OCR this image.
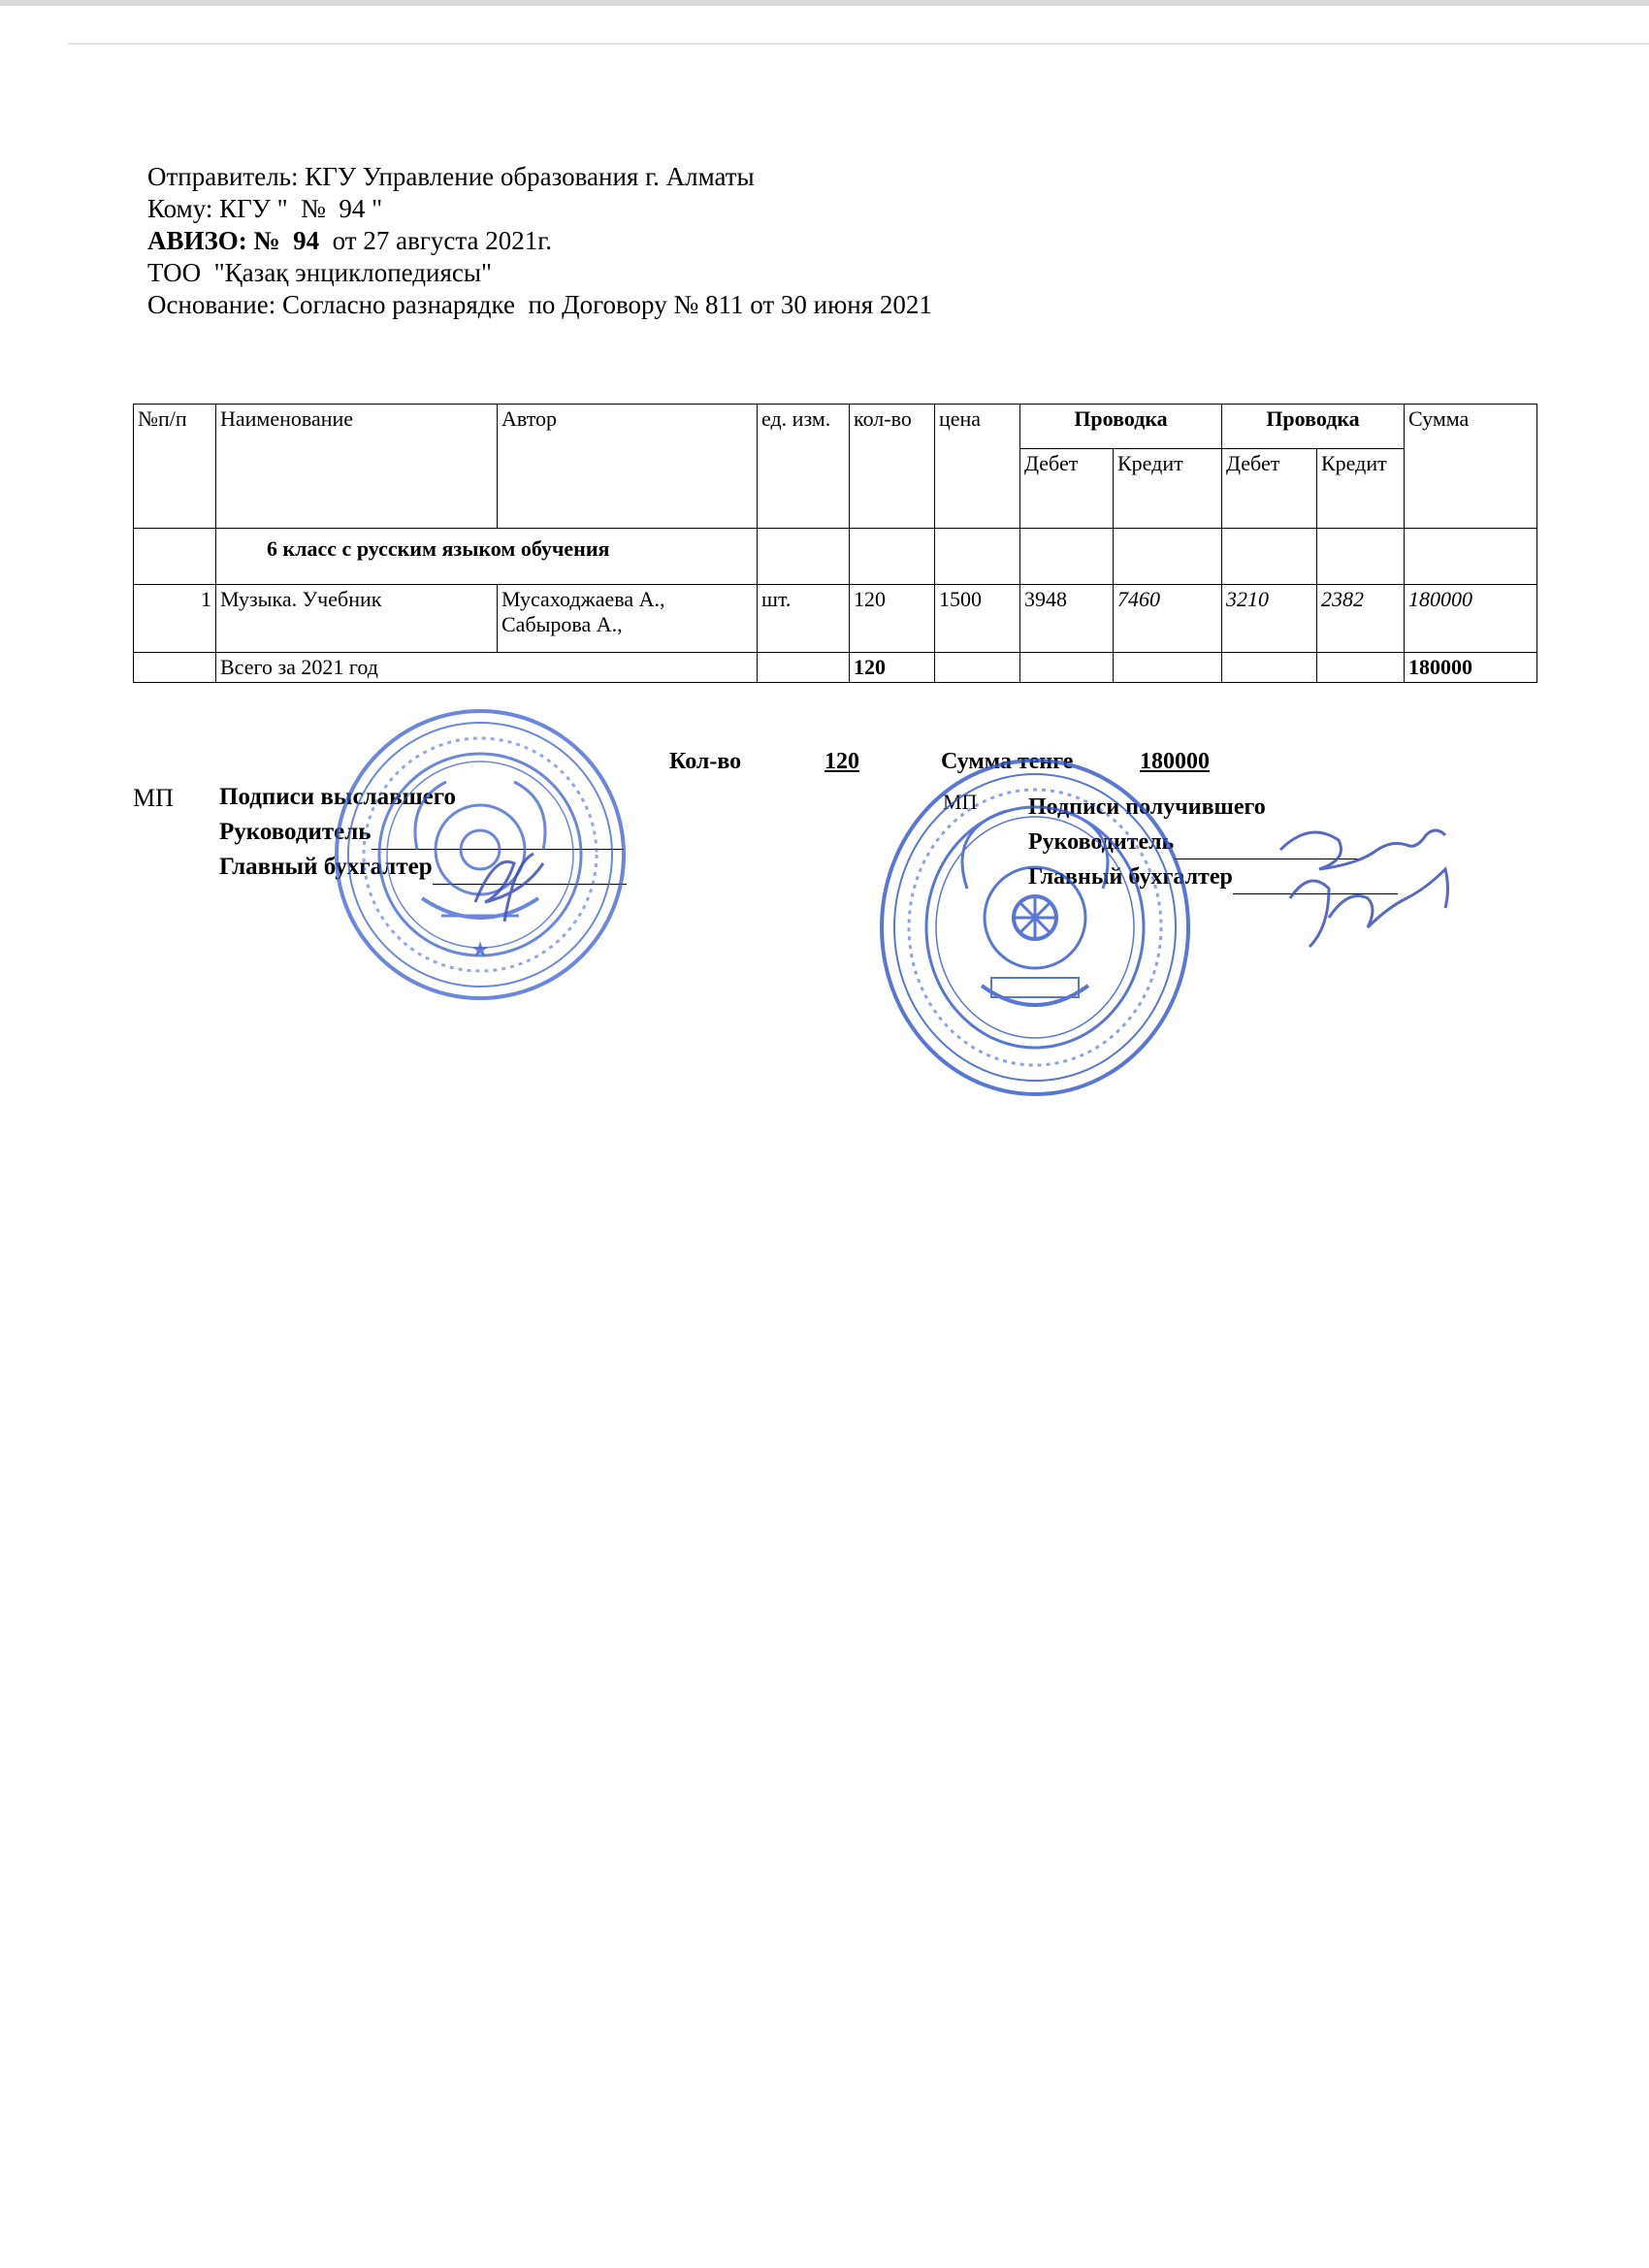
Отправитель: КГУ Управление образования г. Алматы
Кому: КГУ "  №  94 "
АВИЗО: №  94  от 27 августа 2021г.
ТОО  "Қазақ энциклопедиясы"
Основание: Согласно разнарядке  по Договору № 811 от 30 июня 2021
№п/п	Наименование	Автор	ед. изм.	кол-во	цена	Проводка		Проводка		Сумма
						Дебет	Кредит	Дебет	Кредит	
	6 класс с русским языком обучения									
1	Музыка. Учебник	Мусаходжаева А., Сабырова А.,	шт.	120	1500	3948	7460	3210	2382	180000
	Всего за 2021 год			120						180000
Кол-во	120	Сумма тенге	180000
МП Подписи выславшего
Руководитель
Главный бухгалтер
МП Подписи получившего
Руководитель
Главный бухгалтер
★
